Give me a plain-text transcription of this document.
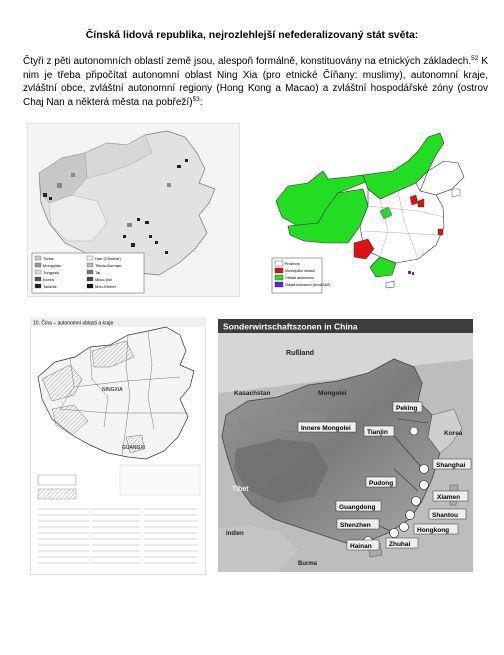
Čínská lidová republika, nejrozlehlejší nefederalizovaný stát světa:
Čtyři z pěti autonomních oblastí země jsou, alespoň formálně, konstituovány na etnických základech.$^{52}$ K nim je třeba připočítat autonomní oblast Ning Xia (pro etnické Číňany: muslimy), autonomní kraje, zvláštní obce, zvláštní autonomní regiony (Hong Kong a Macao) a zvláštní hospodářské zóny (ostrov Chaj Nan a některá města na pobřeží)$^{53}$:
Turkic
Mongolian
Tungusic
Korea
Tadzhik
Han (Chinese)
Tibeto-Burman
Tai
Miao-Yao
Mon-Khmer
Provincie
Municipální oblasti
Oblasti autonomní
Oblasti autonomní (kl/a/d/SAR)
10. Čína – autonomní oblasti a kraje
NINGXIA
GUANGXI
Sonderwirtschaftszonen in China
Rußland
Kasachstan	Mongolei
Peking
Innere Mongolei
Tianjin	Korea
Shanghai
Tibet
Pudong
Xiamen
Guangdong
Shantou
Indien
Shenzhen
Hongkong
Hainan	Zhuhai
Burma
